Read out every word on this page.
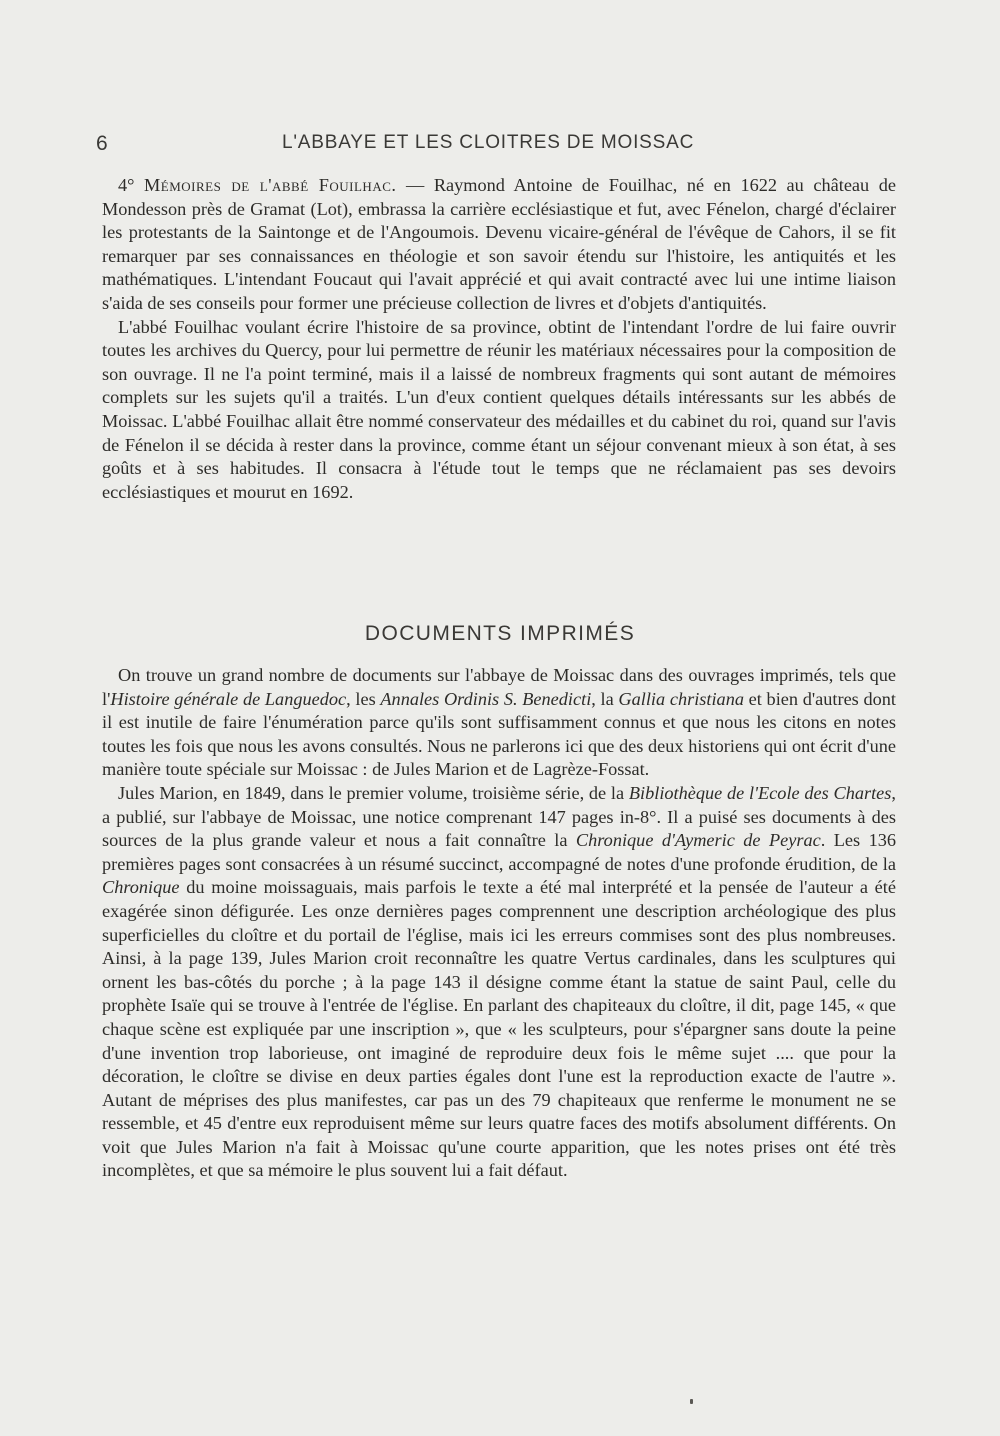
6	L'ABBAYE ET LES CLOITRES DE MOISSAC

4° Mémoires de l'abbé Fouilhac. — Raymond Antoine de Fouilhac, né en 1622 au château de Mondesson près de Gramat (Lot), embrassa la carrière ecclésiastique et fut, avec Fénelon, chargé d'éclairer les protestants de la Saintonge et de l'Angoumois. Devenu vicaire-général de l'évêque de Cahors, il se fit remarquer par ses connaissances en théologie et son savoir étendu sur l'histoire, les antiquités et les mathématiques. L'intendant Foucaut qui l'avait apprécié et qui avait contracté avec lui une intime liaison s'aida de ses conseils pour former une précieuse collection de livres et d'objets d'antiquités.

L'abbé Fouilhac voulant écrire l'histoire de sa province, obtint de l'intendant l'ordre de lui faire ouvrir toutes les archives du Quercy, pour lui permettre de réunir les matériaux nécessaires pour la composition de son ouvrage. Il ne l'a point terminé, mais il a laissé de nombreux fragments qui sont autant de mémoires complets sur les sujets qu'il a traités. L'un d'eux contient quelques détails intéressants sur les abbés de Moissac. L'abbé Fouilhac allait être nommé conservateur des médailles et du cabinet du roi, quand sur l'avis de Fénelon il se décida à rester dans la province, comme étant un séjour convenant mieux à son état, à ses goûts et à ses habitudes. Il consacra à l'étude tout le temps que ne réclamaient pas ses devoirs ecclésiastiques et mourut en 1692.

DOCUMENTS IMPRIMÉS

On trouve un grand nombre de documents sur l'abbaye de Moissac dans des ouvrages imprimés, tels que l'Histoire générale de Languedoc, les Annales Ordinis S. Benedicti, la Gallia christiana et bien d'autres dont il est inutile de faire l'énumération parce qu'ils sont suffisamment connus et que nous les citons en notes toutes les fois que nous les avons consultés. Nous ne parlerons ici que des deux historiens qui ont écrit d'une manière toute spéciale sur Moissac : de Jules Marion et de Lagrèze-Fossat.

Jules Marion, en 1849, dans le premier volume, troisième série, de la Bibliothèque de l'Ecole des Chartes, a publié, sur l'abbaye de Moissac, une notice comprenant 147 pages in-8°. Il a puisé ses documents à des sources de la plus grande valeur et nous a fait connaître la Chronique d'Aymeric de Peyrac. Les 136 premières pages sont consacrées à un résumé succinct, accompagné de notes d'une profonde érudition, de la Chronique du moine moissaguais, mais parfois le texte a été mal interprété et la pensée de l'auteur a été exagérée sinon défigurée. Les onze dernières pages comprennent une description archéologique des plus superficielles du cloître et du portail de l'église, mais ici les erreurs commises sont des plus nombreuses. Ainsi, à la page 139, Jules Marion croit reconnaître les quatre Vertus cardinales, dans les sculptures qui ornent les bas-côtés du porche ; à la page 143 il désigne comme étant la statue de saint Paul, celle du prophète Isaïe qui se trouve à l'entrée de l'église. En parlant des chapiteaux du cloître, il dit, page 145, « que chaque scène est expliquée par une inscription », que « les sculpteurs, pour s'épargner sans doute la peine d'une invention trop laborieuse, ont imaginé de reproduire deux fois le même sujet .... que pour la décoration, le cloître se divise en deux parties égales dont l'une est la reproduction exacte de l'autre ». Autant de méprises des plus manifestes, car pas un des 79 chapiteaux que renferme le monument ne se ressemble, et 45 d'entre eux reproduisent même sur leurs quatre faces des motifs absolument différents. On voit que Jules Marion n'a fait à Moissac qu'une courte apparition, que les notes prises ont été très incomplètes, et que sa mémoire le plus souvent lui a fait défaut.
